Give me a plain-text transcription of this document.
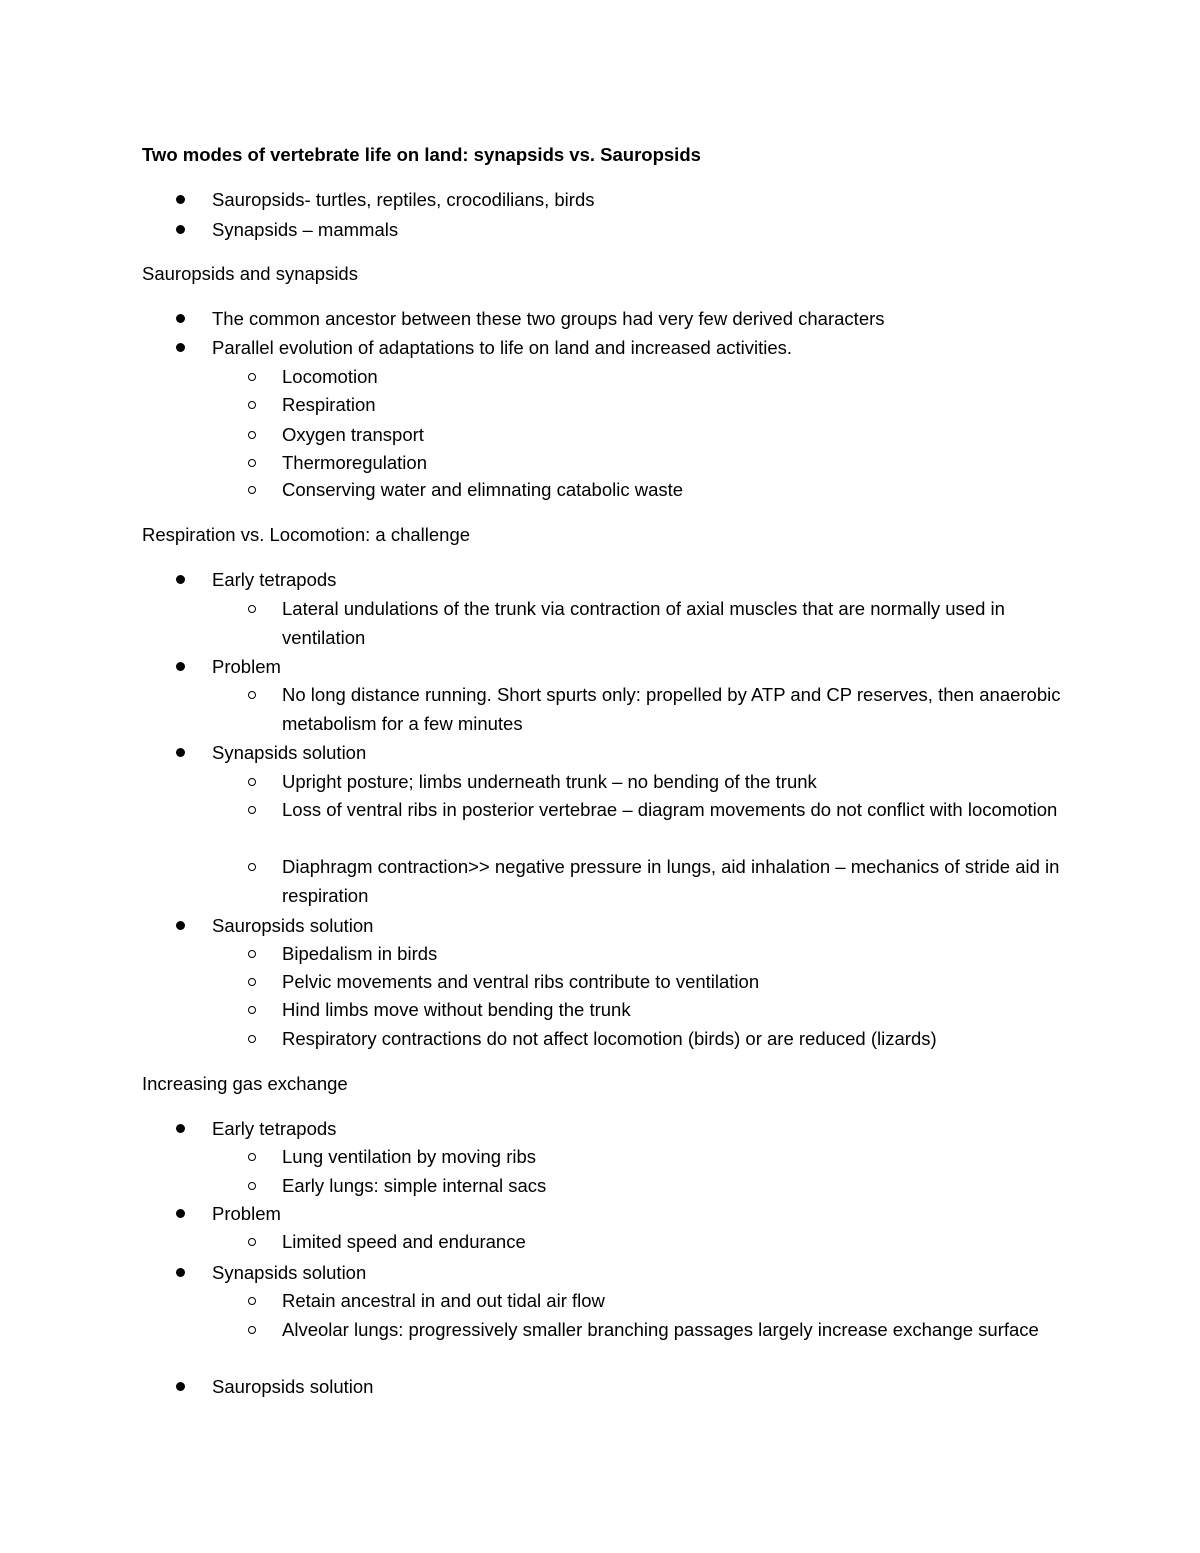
Two modes of vertebrate life on land: synapsids vs. Sauropsids
Sauropsids- turtles, reptiles, crocodilians, birds
Synapsids – mammals
Sauropsids and synapsids
The common ancestor between these two groups had very few derived characters
Parallel evolution of adaptations to life on land and increased activities.
Locomotion
Respiration
Oxygen transport
Thermoregulation
Conserving water and elimnating catabolic waste
Respiration vs. Locomotion: a challenge
Early tetrapods
Lateral undulations of the trunk via contraction of axial muscles that are normally used in ventilation
Problem
No long distance running. Short spurts only: propelled by ATP and CP reserves, then anaerobic metabolism for a few minutes
Synapsids solution
Upright posture; limbs underneath trunk – no bending of the trunk
Loss of ventral ribs in posterior vertebrae – diagram movements do not conflict with locomotion
Diaphragm contraction>> negative pressure in lungs, aid inhalation – mechanics of stride aid in respiration
Sauropsids solution
Bipedalism in birds
Pelvic movements and ventral ribs contribute to ventilation
Hind limbs move without bending the trunk
Respiratory contractions do not affect locomotion (birds) or are reduced (lizards)
Increasing gas exchange
Early tetrapods
Lung ventilation by moving ribs
Early lungs: simple internal sacs
Problem
Limited speed and endurance
Synapsids solution
Retain ancestral in and out tidal air flow
Alveolar lungs: progressively smaller branching passages largely increase exchange surface
Sauropsids solution
